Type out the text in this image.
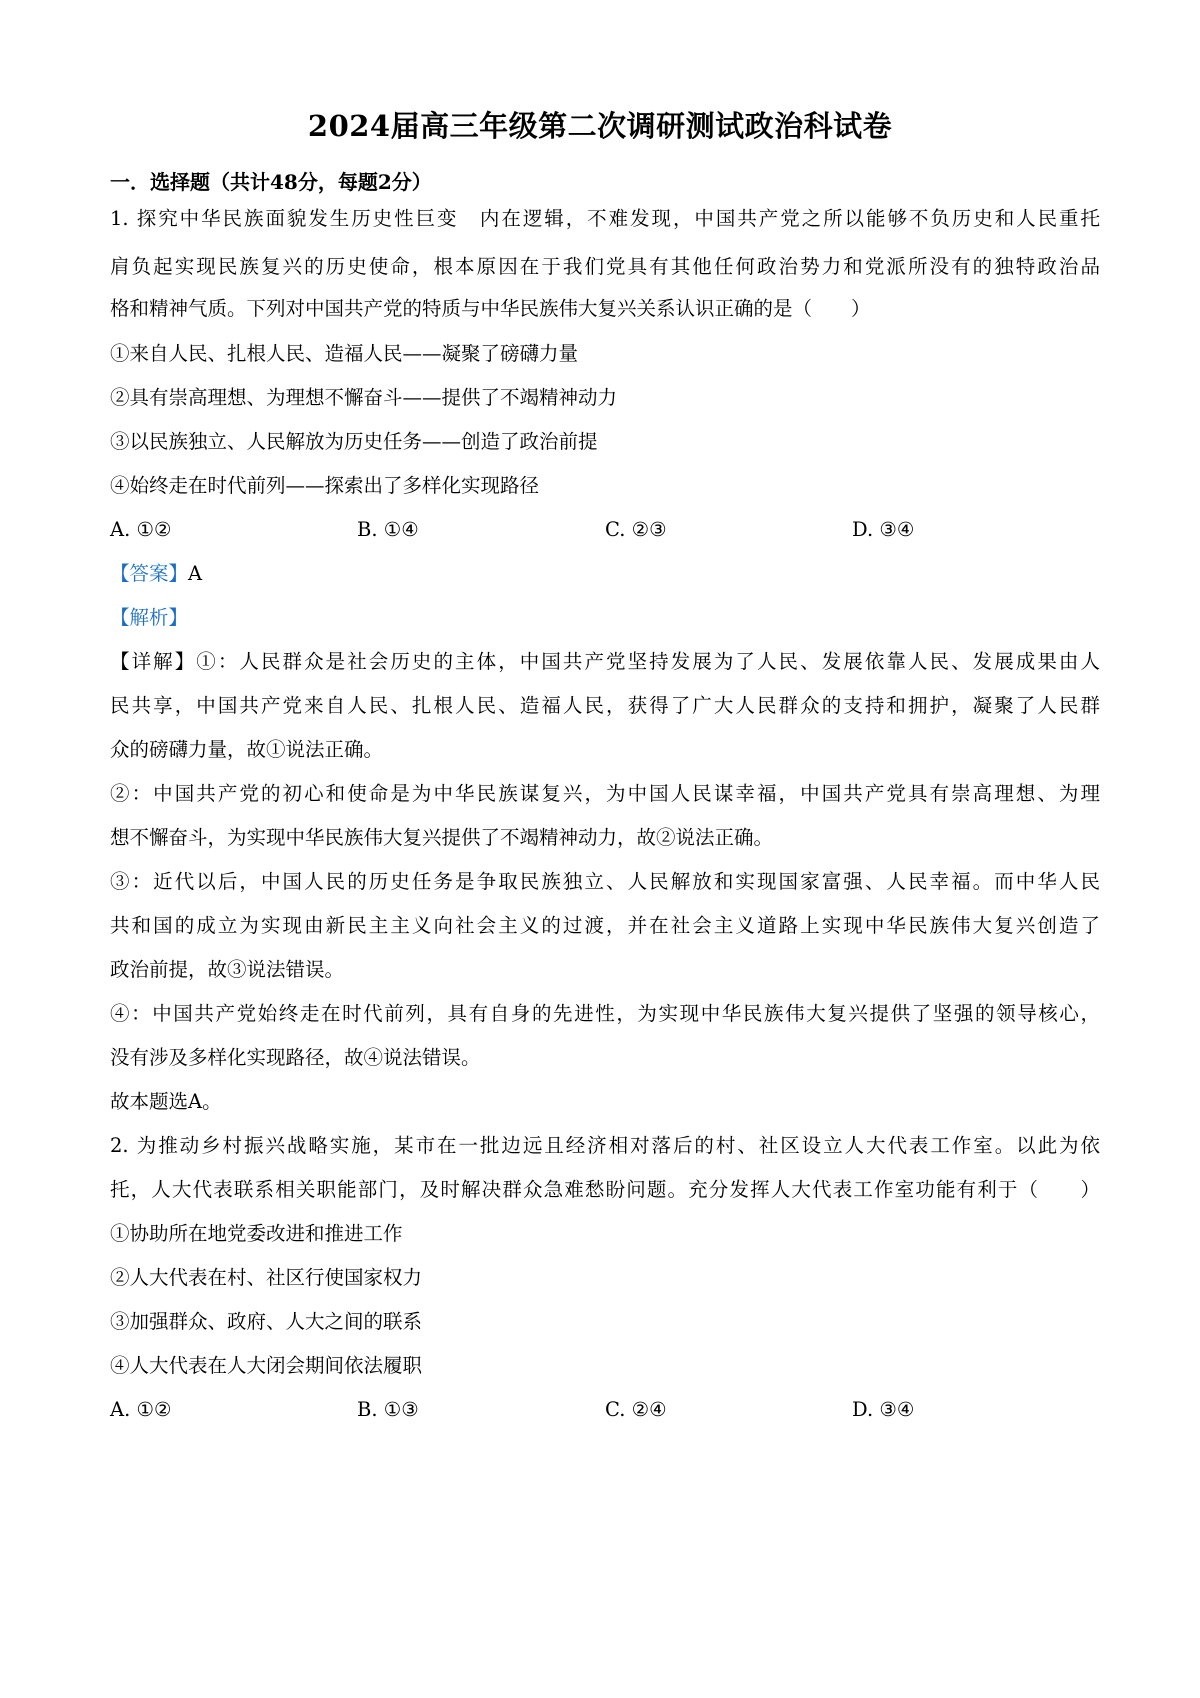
2024届高三年级第二次调研测试政治科试卷
一．选择题（共计48分，每题2分）
1. 探究中华民族面貌发生历史性巨变　内在逻辑，不难发现，中国共产党之所以能够不负历史和人民重托
肩负起实现民族复兴的历史使命，根本原因在于我们党具有其他任何政治势力和党派所没有的独特政治品
格和精神气质。下列对中国共产党的特质与中华民族伟大复兴关系认识正确的是（　　）
①来自人民、扎根人民、造福人民——凝聚了磅礴力量
②具有崇高理想、为理想不懈奋斗——提供了不竭精神动力
③以民族独立、人民解放为历史任务——创造了政治前提
④始终走在时代前列——探索出了多样化实现路径
A. ①②	B. ①④	C. ②③	D. ③④
【答案】A
【解析】
【详解】①：人民群众是社会历史的主体，中国共产党坚持发展为了人民、发展依靠人民、发展成果由人
民共享，中国共产党来自人民、扎根人民、造福人民，获得了广大人民群众的支持和拥护，凝聚了人民群
众的磅礴力量，故①说法正确。
②：中国共产党的初心和使命是为中华民族谋复兴，为中国人民谋幸福，中国共产党具有崇高理想、为理
想不懈奋斗，为实现中华民族伟大复兴提供了不竭精神动力，故②说法正确。
③：近代以后，中国人民的历史任务是争取民族独立、人民解放和实现国家富强、人民幸福。而中华人民
共和国的成立为实现由新民主主义向社会主义的过渡，并在社会主义道路上实现中华民族伟大复兴创造了
政治前提，故③说法错误。
④：中国共产党始终走在时代前列，具有自身的先进性，为实现中华民族伟大复兴提供了坚强的领导核心，
没有涉及多样化实现路径，故④说法错误。
故本题选A。
2. 为推动乡村振兴战略实施，某市在一批边远且经济相对落后的村、社区设立人大代表工作室。以此为依
托，人大代表联系相关职能部门，及时解决群众急难愁盼问题。充分发挥人大代表工作室功能有利于（　　）
①协助所在地党委改进和推进工作
②人大代表在村、社区行使国家权力
③加强群众、政府、人大之间的联系
④人大代表在人大闭会期间依法履职
A. ①②	B. ①③	C. ②④	D. ③④
